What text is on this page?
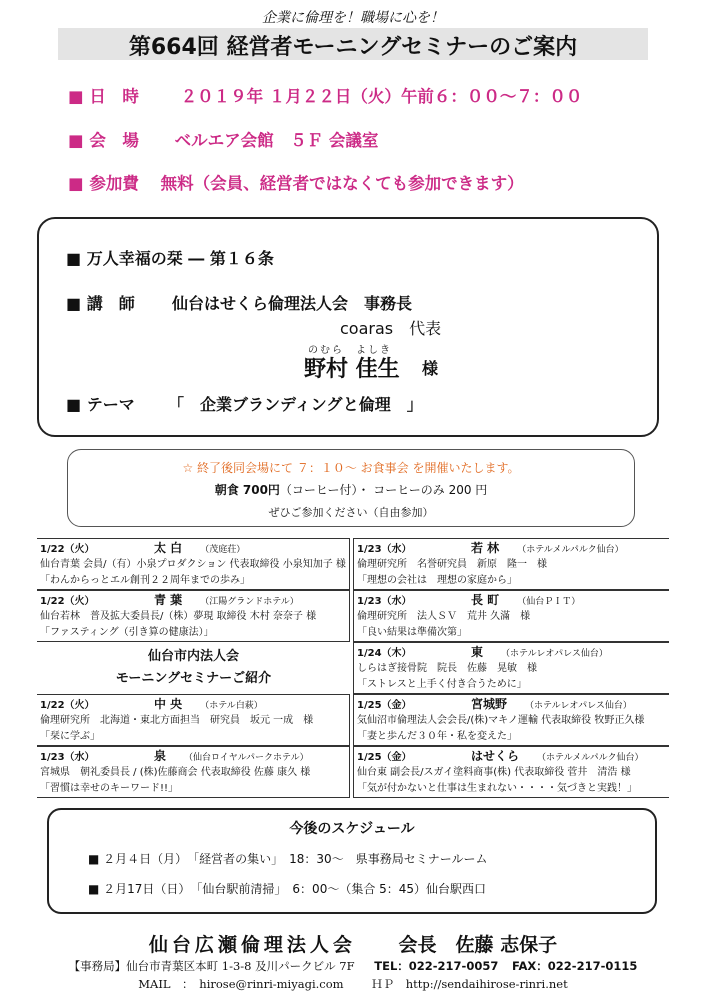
企業に倫理を！職場に心を！
第664回 経営者モーニングセミナーのご案内
■ 日　時	２０１９年 １月２２日（火）午前６：００〜７：００
■ 会　場 ベルエア会館　５Ｆ 会議室
■ 参加費 無料（会員、経営者ではなくても参加できます）
■ 万人幸福の栞 ― 第１６条
■ 講　師 仙台はせくら倫理法人会　事務長
coaras　代表
のむら　よしき
野村 佳生 様
■ テーマ 「　企業ブランディングと倫理　」
☆ 終了後同会場にて ７：１０〜 お食事会 を開催いたします。
朝食 700円（コーヒー付）・ コーヒーのみ 200 円
ぜひご参加ください（自由参加）
1/22（火）	太 白 （茂庭荘）
仙台青葉 会員/（有）小泉プロダクション 代表取締役 小泉知加子 様
「わんからっとエル創刊２２周年までの歩み」
1/22（火）	青 葉 （江陽グランドホテル）
仙台若林　普及拡大委員長/（株）夢現 取締役 木村 奈奈子 様
「ファスティング（引き算の健康法）」
仙台市内法人会
モーニングセミナーご紹介
1/22（火）	中 央 （ホテル白萩）
倫理研究所　北海道・東北方面担当　研究員　坂元 一成　様
「栞に学ぶ」
1/23（水）	泉 （仙台ロイヤルパークホテル）
宮城県　朝礼委員長 / (株)佐藤商会 代表取締役 佐藤 康久 様
「習慣は幸せのキーワード!!」
1/23（水）	若 林 （ホテルメルパルク仙台）
倫理研究所　名誉研究員　新原　隆一　様
「理想の会社は　理想の家庭から」
1/23（水）	長 町 （仙台ＰＩＴ）
倫理研究所　法人ＳＶ　荒井 久滿　様
「良い結果は準備次第」
1/24（木）	東 （ホテルレオパレス仙台）
しらはぎ接骨院　院長　佐藤　晃敏　様
「ストレスと上手く付き合うために」
1/25（金）	宮城野 （ホテルレオパレス仙台）
気仙沼市倫理法人会会長/(株)マキノ運輸 代表取締役 牧野正久様
「妻と歩んだ３０年・私を変えた」
1/25（金）	はせくら （ホテルメルパルク仙台）
仙台東 副会長/スガイ塗料商事(株) 代表取締役 菅井　清浩 様
「気が付かないと仕事は生まれない・・・・気づきと実践！」
今後のスケジュール
■ ２月４日（月）　「経営者の集い」　18：30〜　県事務局セミナールーム
■ ２月17日（日）　「仙台駅前清掃」　6：00〜（集合 5：45）仙台駅西口
仙台広瀬倫理法人会 会長　佐藤 志保子
【事務局】仙台市青葉区本町 1-3-8 及川パークビル 7F TEL：022-217-0057 FAX：022-217-0115
MAIL　：　hirose@rinri-miyagi.com ＨＰ　http://sendaihirose-rinri.net
